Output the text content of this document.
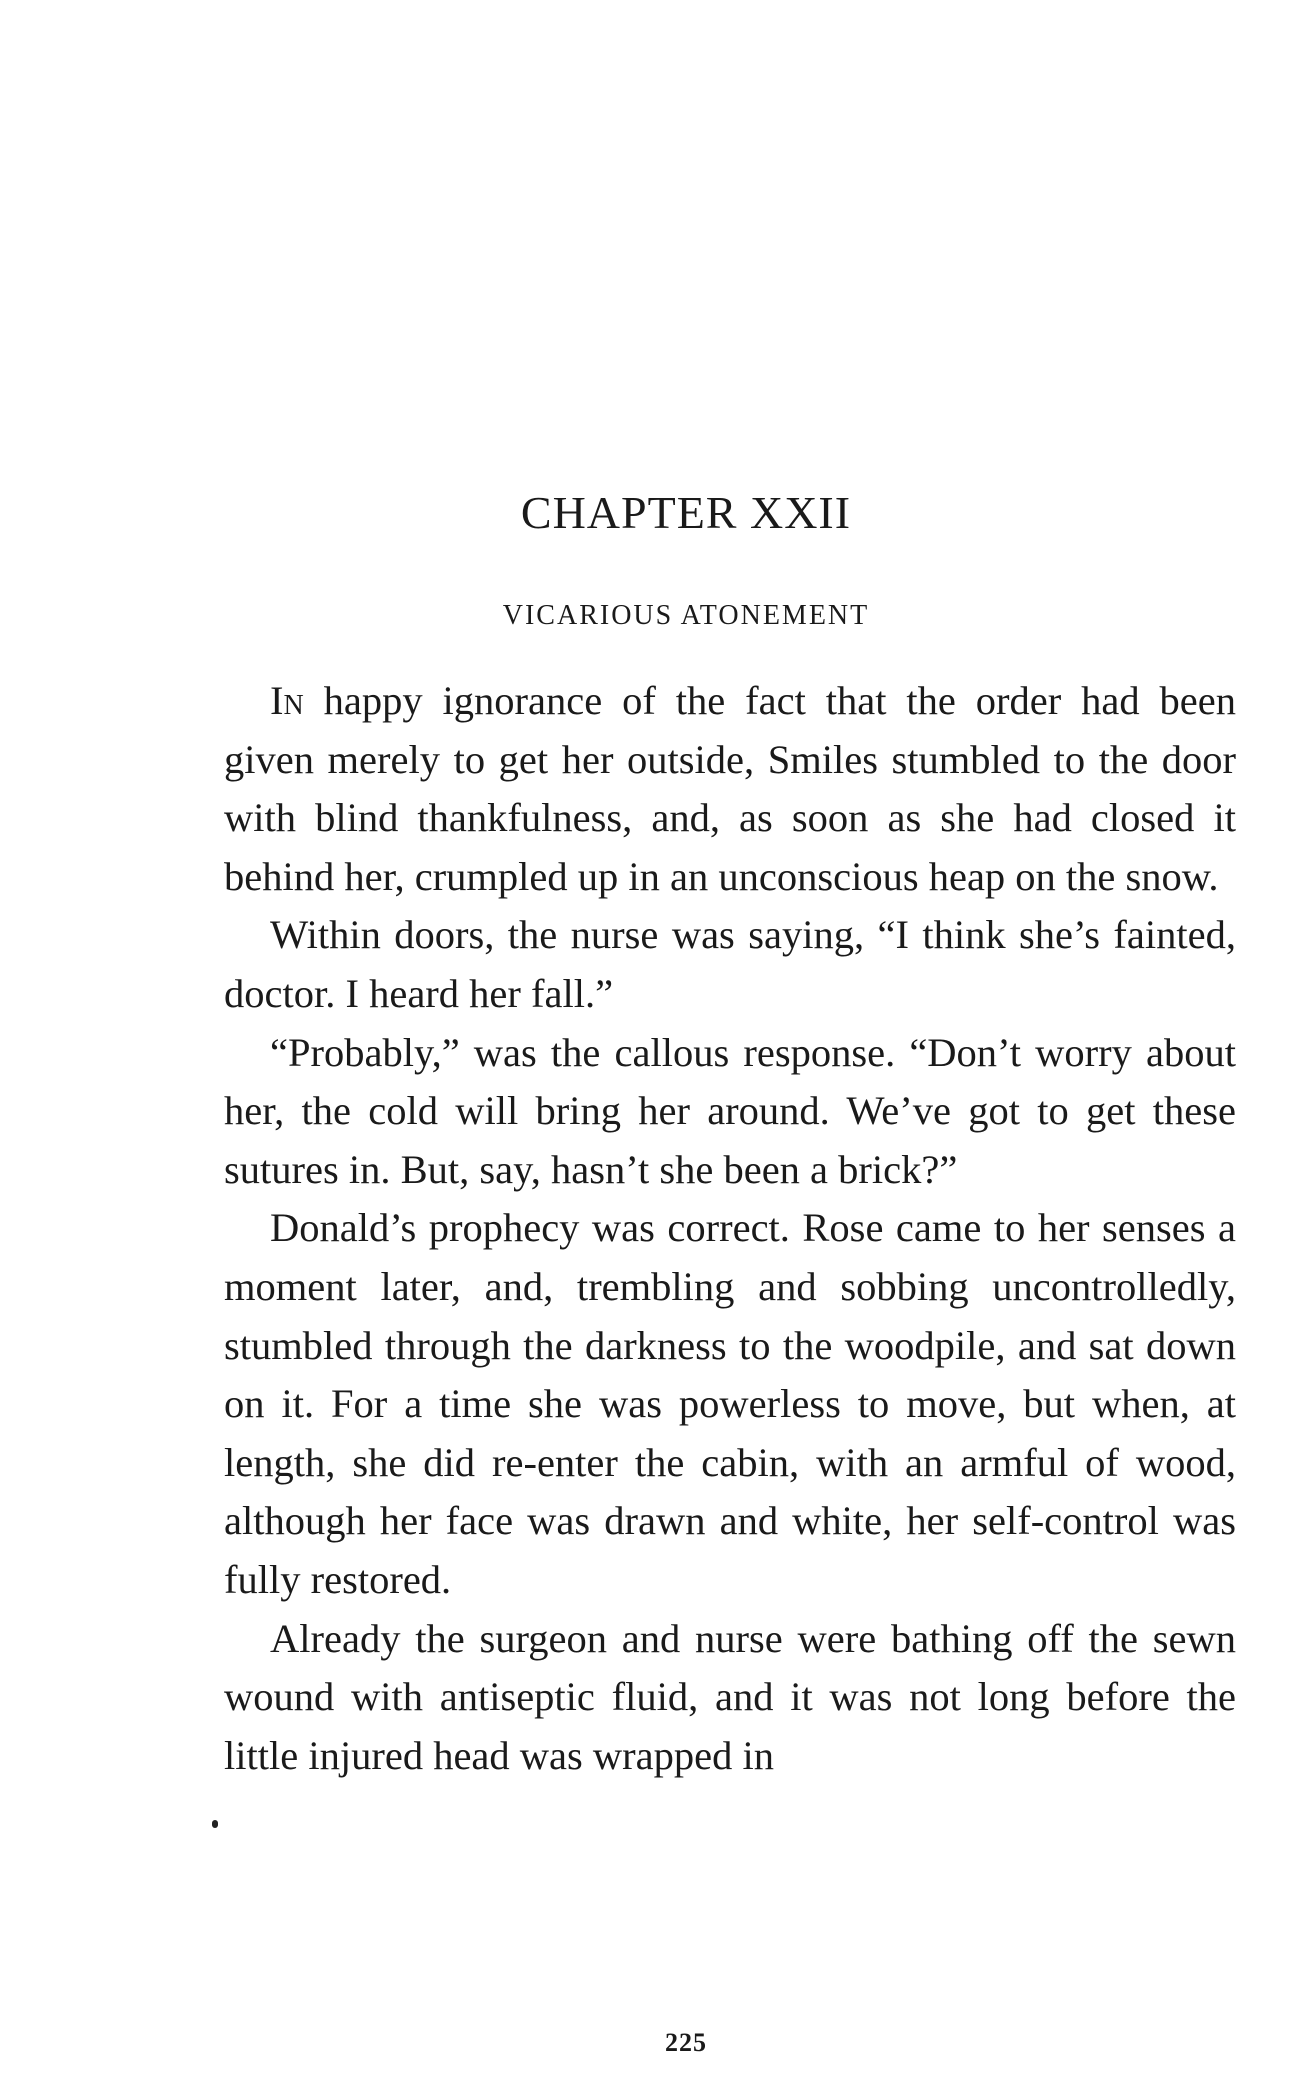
CHAPTER XXII
VICARIOUS ATONEMENT

In happy ignorance of the fact that the order had been given merely to get her outside, Smiles stumbled to the door with blind thankfulness, and, as soon as she had closed it behind her, crumpled up in an unconscious heap on the snow.

Within doors, the nurse was saying, “I think she’s fainted, doctor. I heard her fall.”

“Probably,” was the callous response. “Don’t worry about her, the cold will bring her around. We’ve got to get these sutures in. But, say, hasn’t she been a brick?”

Donald’s prophecy was correct. Rose came to her senses a moment later, and, trembling and sobbing uncontrolledly, stumbled through the darkness to the woodpile, and sat down on it. For a time she was powerless to move, but when, at length, she did re-enter the cabin, with an armful of wood, although her face was drawn and white, her self-control was fully restored.

Already the surgeon and nurse were bathing off the sewn wound with antiseptic fluid, and it was not long before the little injured head was wrapped in

225
